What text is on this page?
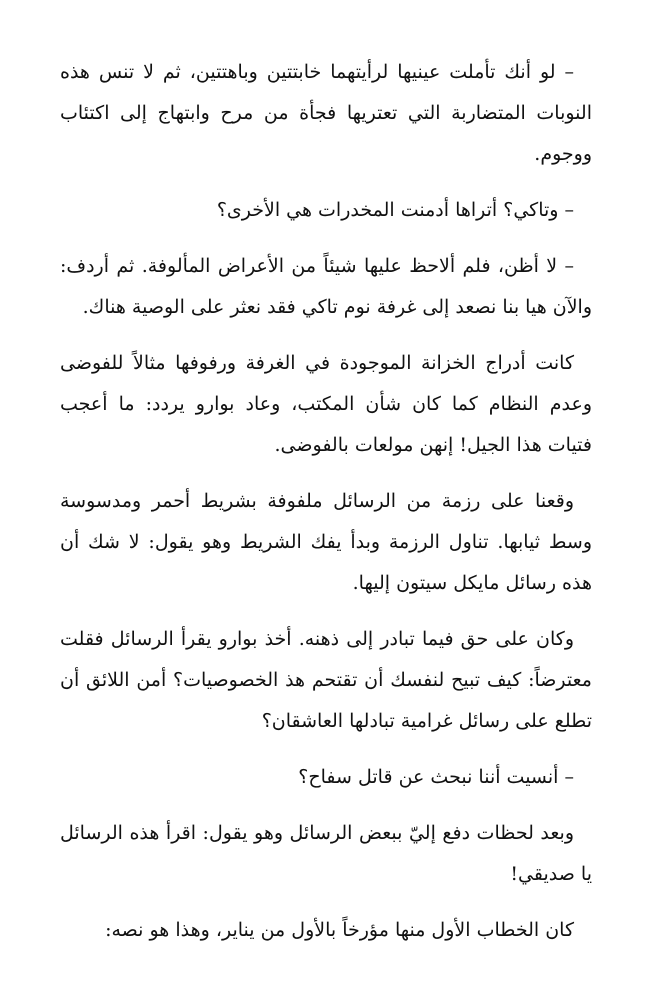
– لو أنك تأملت عينيها لرأيتهما خابتتين وباهتتين، ثم لا تنس هذه النوبات المتضاربة التي تعتريها فجأة من مرح وابتهاج إلى اكتئاب ووجوم.

– وتاكي؟ أتراها أدمنت المخدرات هي الأخرى؟

– لا أظن، فلم ألاحظ عليها شيئاً من الأعراض المألوفة. ثم أردف: والآن هيا بنا نصعد إلى غرفة نوم تاكي فقد نعثر على الوصية هناك.

كانت أدراج الخزانة الموجودة في الغرفة ورفوفها مثالاً للفوضى وعدم النظام كما كان شأن المكتب، وعاد بوارو يردد: ما أعجب فتيات هذا الجيل! إنهن مولعات بالفوضى.

وقعنا على رزمة من الرسائل ملفوفة بشريط أحمر ومدسوسة وسط ثيابها. تناول الرزمة وبدأ يفك الشريط وهو يقول: لا شك أن هذه رسائل مايكل سيتون إليها.

وكان على حق فيما تبادر إلى ذهنه. أخذ بوارو يقرأ الرسائل فقلت معترضاً: كيف تبيح لنفسك أن تقتحم هذ الخصوصيات؟ أمن اللائق أن تطلع على رسائل غرامية تبادلها العاشقان؟

– أنسيت أننا نبحث عن قاتل سفاح؟

وبعد لحظات دفع إليّ ببعض الرسائل وهو يقول: اقرأ هذه الرسائل يا صديقي!

كان الخطاب الأول منها مؤرخاً بالأول من يناير، وهذا هو نصه:
